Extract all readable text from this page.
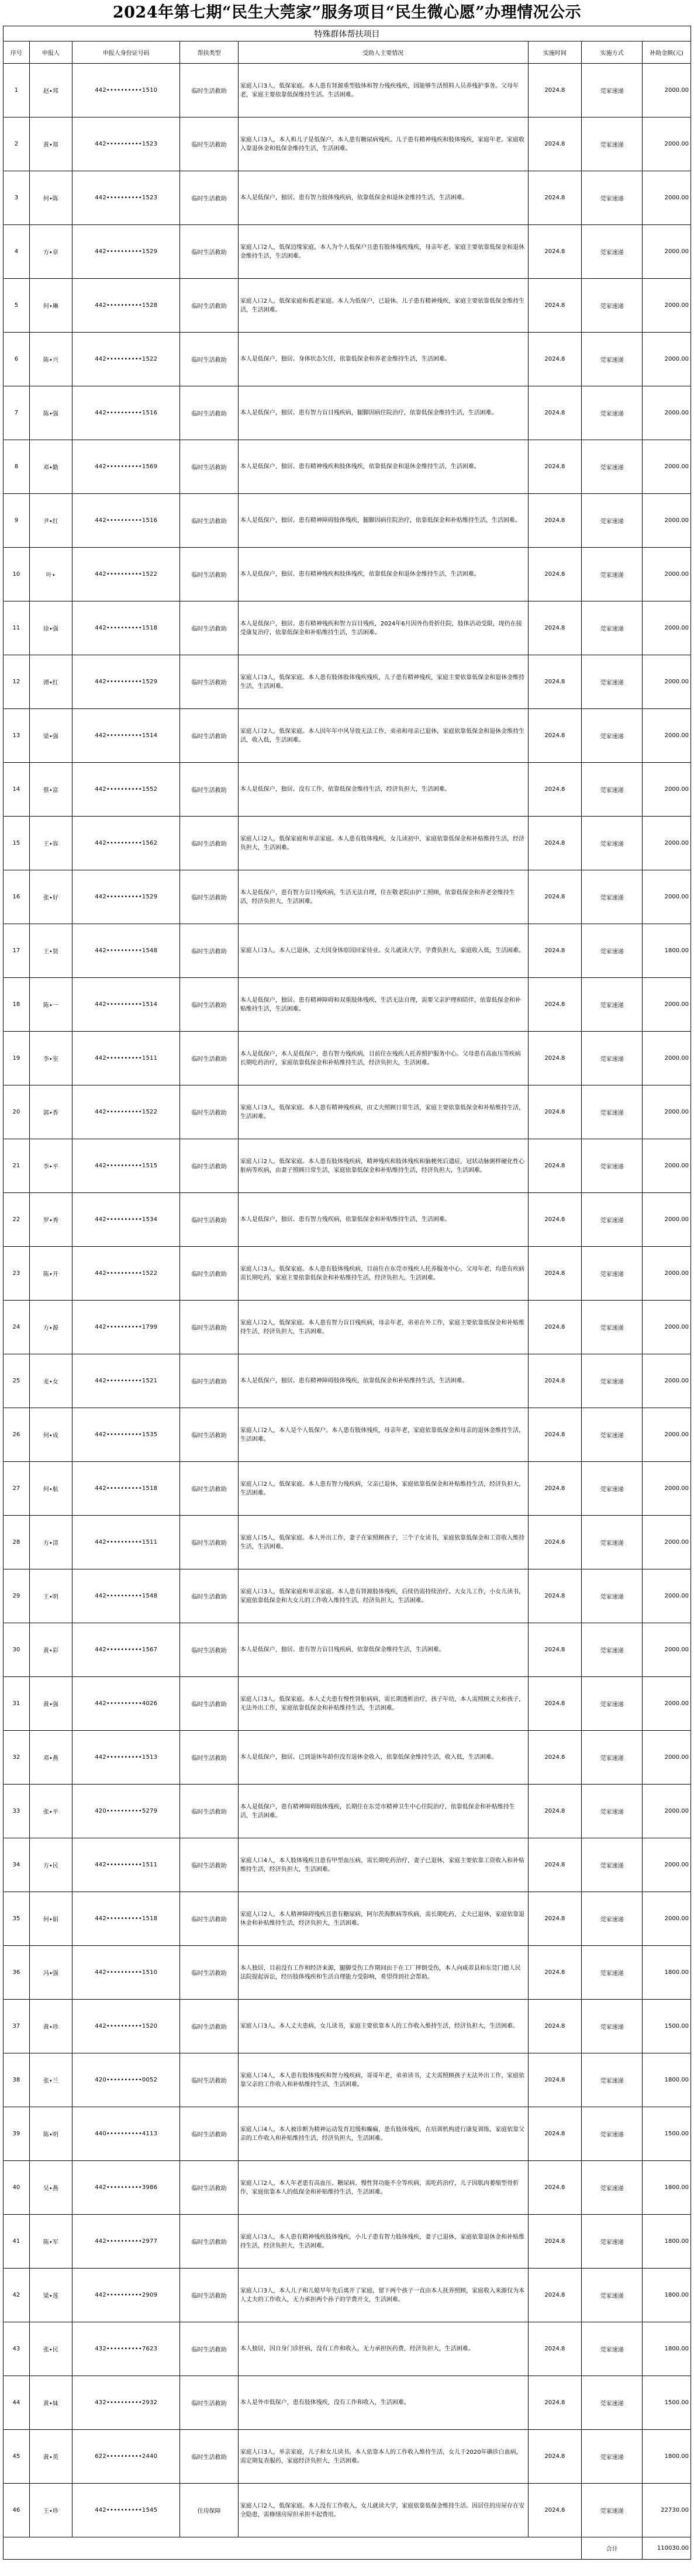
2024年第七期“民生大莞家”服务项目“民生微心愿”办理情况公示
特殊群体帮扶项目							
序号	申报人	申报人身份证号码	帮扶类型	受助人主要情况	实施时间	实施方式	补助金额(元)
1	赵•邦	442••••••••••1510	临时生活救助	家庭人口3人，低保家庭。本人患有肾源重型肢体和智力残疾残疾，因能够生活照料人员养残护事务。父母年老，家庭主要依靠低保维持生活。生活困难。	2024.8	莞家速递	2000.00
2	黄•郑	442••••••••••1523	临时生活救助	家庭人口3人，本人和儿子是低保户。本人患有糖尿病残疾。儿子患有精神残疾和肢体残疾，家庭年老。家庭收入靠退休金和低保金维持生活，生活困难。	2024.8	莞家速递	2000.00
3	何•陈	442••••••••••1523	临时生活救助	本人是低保户，独居。患有智力肢体残疾病，依靠低保金和退休金维持生活，生活困难。	2024.8	莞家速递	2000.00
4	方•章	442••••••••••1529	临时生活救助	家庭人口2人，低保边缘家庭。本人为个人低保户且患有肢体残疾残疾，母亲年老。家庭主要依靠低保金和退休金维持生活，生活困难。	2024.8	莞家速递	2000.00
5	何•琳	442••••••••••1528	临时生活救助	家庭人口2人，低保家庭和孤老家庭。本人为低保户，已退休。儿子患有精神残疾，家庭主要依靠低保金维持生活，生活困难。	2024.8	莞家速递	2000.00
6	陈•兴	442••••••••••1522	临时生活救助	本人是低保户，独居。身体状态欠佳，依靠低保金和养老金维持生活，生活困难。	2024.8	莞家速递	2000.00
7	陈•强	442••••••••••1516	临时生活救助	本人是低保户，独居。患有智力盲目残疾病，腿脚因病住院治疗，依靠低保金维持生活，生活困难。	2024.8	莞家速递	2000.00
8	邓•勤	442••••••••••1569	临时生活救助	本人是低保户，独居。患有精神残疾和肢体残疾，依靠低保金和退休金维持生活，生活困难。	2024.8	莞家速递	2000.00
9	尹•红	442••••••••••1516	临时生活救助	本人是低保户，独居。患有精神障碍肢体残疾，腿脚因病住院治疗，依靠低保金和补贴维持生活，生活困难。	2024.8	莞家速递	2000.00
10	叶•	442••••••••••1522	临时生活救助	本人是低保户，独居。患有精神残疾和肢体残疾，依靠低保金和退休金维持生活，生活困难。	2024.8	莞家速递	2000.00
11	徐•强	442••••••••••1518	临时生活救助	本人是低保户，独居。患有精神残疾和智力盲目残疾，2024年6月因外伤骨折住院，肢体活动受限，现仍在接受康复治疗，依靠低保金和补贴维持生活，生活困难。	2024.8	莞家速递	2000.00
12	谭•红	442••••••••••1529	临时生活救助	家庭人口3人，低保家庭。本人患有肢体肢体残疾残疾，儿子患有精神残疾，家庭主要依靠低保金和退休金维持生活，生活困难。	2024.8	莞家速递	2000.00
13	梁•强	442••••••••••1514	临时生活救助	家庭人口2人，低保家庭。本人因年年中风导致无法工作，弟弟和母亲已退休，家庭依靠低保金和退休金维持生活，收入低，生活困难。	2024.8	莞家速递	2000.00
14	蔡•富	442••••••••••1552	临时生活救助	本人是低保户，独居。没有工作，依靠低保金维持生活，经济负担大，生活困难。	2024.8	莞家速递	2000.00
15	王•容	442••••••••••1562	临时生活救助	家庭人口2人，低保家庭和单亲家庭。本人患有肢体残疾，女儿读初中，家庭依靠低保金和补贴维持生活，经济负担大，生活困难。	2024.8	莞家速递	2000.00
16	张•好	442••••••••••1529	临时生活救助	本人是低保户，患有智力盲目残疾病，生活无法自理，住在敬老院由护工照顾，依靠低保金和养老金维持生活，经济负担大，生活困难。	2024.8	莞家速递	2000.00
17	王•贤	442••••••••••1548	临时生活救助	家庭人口3人，本人已退休，丈夫因身体原因回家待业。女儿就读大学，学费负担大，家庭收入低，生活困难。	2024.8	莞家速递	1800.00
18	陈•一	442••••••••••1514	临时生活救助	本人是低保户，独居。患有精神障碍和双重肢体残疾，生活无法自理，需要父亲护理和陪伴，依靠低保金和补贴维持生活，生活困难。	2024.8	莞家速递	2000.00
19	李•室	442••••••••••1511	临时生活救助	本人是低保户，本人是低保户，患有智力残疾病，目前住在残疾人托养照护服务中心。父母患有高血压等疾病长期吃药治疗，家庭依靠低保金和补贴维持生活，经济负担大，生活困难。	2024.8	莞家速递	2000.00
20	郭•香	442••••••••••1522	临时生活救助	家庭人口3人，低保家庭。本人患有精神残疾病，由丈夫照顾日常生活，家庭主要依靠低保金和补贴维持生活，生活困难。	2024.8	莞家速递	2000.00
21	李•平	442••••••••••1515	临时生活救助	家庭人口2人，低保家庭。本人患有肢体残疾病，精神残疾和肢体残疾和脑梗死后遗症，冠状动脉粥样硬化性心脏病等疾病，由妻子照顾日常生活，家庭依靠低保金和补贴维持生活，经济负担大，生活困难。	2024.8	莞家速递	2000.00
22	罗•秀	442••••••••••1534	临时生活救助	本人是低保户，独居。患有智力残疾病，依靠低保金和补贴维持生活，生活困难。	2024.8	莞家速递	2000.00
23	陈•开	442••••••••••1522	临时生活救助	家庭人口3人，低保家庭。本人患有肢体残疾病，目前住在东莞市残疾人托养服务中心，父母年老，均患有疾病需长期吃药，家庭主要依靠低保金和补贴维持生活，经济负担大，生活困难。	2024.8	莞家速递	2000.00
24	方•源	442••••••••••1799	临时生活救助	家庭人口2人，低保家庭。本人患有智力盲目残疾病，母亲年老，弟弟在外工作，家庭主要依靠低保金和补贴维持生活，经济负担大，生活困难。	2024.8	莞家速递	2000.00
25	麦•女	442••••••••••1521	临时生活救助	本人是低保户，独居。患有精神障碍肢体残疾，依靠低保金和补贴维持生活，生活困难。	2024.8	莞家速递	2000.00
26	何•成	442••••••••••1535	临时生活救助	家庭人口2人，本人是个人低保户。本人患有肢体残疾，母亲年老，家庭依靠低保金和母亲的退休金维持生活，生活困难。	2024.8	莞家速递	2000.00
27	何•航	442••••••••••1518	临时生活救助	家庭人口2人，低保家庭。本人患有智力残疾病，父亲已退休，家庭依靠低保金和补贴维持生活，经济负担大，生活困难。	2024.8	莞家速递	2000.00
28	方•清	442••••••••••1511	临时生活救助	家庭人口5人，低保家庭。本人外出工作，妻子在家照顾孩子，三个子女读书，家庭依靠低保金和工资收入维持生活，生活困难。	2024.8	莞家速递	2000.00
29	王•明	442••••••••••1548	临时生活救助	家庭人口3人，低保家庭和单亲家庭。本人患有肾源肢体残疾，后续仍需持续治疗。大女儿工作，小女儿读书，家庭依靠低保金和大女儿的工作收入维持生活，经济负担大，生活困难。	2024.8	莞家速递	2000.00
30	黄•彩	442••••••••••1567	临时生活救助	本人是低保户，独居。患有智力盲目残疾病，依靠低保金维持生活，生活困难。	2024.8	莞家速递	2000.00
31	黄•强	442••••••••••4026	临时生活救助	家庭人口3人，低保家庭。本人丈夫患有慢性肾脏病病，需长期透析治疗，孩子年幼，本人需照顾丈夫和孩子，无法外出工作，家庭依靠低保金和补贴维持生活，生活困难。	2024.8	莞家速递	2000.00
32	邓•燕	442••••••••••1513	临时生活救助	本人是低保户，独居。已到退休年龄但没有退休金收入，依靠低保金维持生活，收入低，生活困难。	2024.8	莞家速递	2000.00
33	张•平	420••••••••••5279	临时生活救助	本人是低保户，患有精神障碍肢体残疾，长期住在东莞市精神卫生中心住院治疗，依靠低保金和补贴维持生活，生活困难。	2024.8	莞家速递	2000.00
34	方•民	442••••••••••1511	临时生活救助	家庭人口4人，本人肢体残疾且患有甲型血压病，需长期吃药治疗，妻子已退休，家庭主要依靠工资收入和补贴维持生活，经济负担大，生活困难。	2024.8	莞家速递	2000.00
35	何•娟	442••••••••••1518	临时生活救助	家庭人口2人，本人精神障碍残疾且患有糖尿病，阿尔茨海默病等疾病，需长期吃药，丈夫已退休，家庭依靠退休金和补贴维持生活，经济负担大，生活困难。	2024.8	莞家速递	2000.00
36	冯•强	442••••••••••1510	临时生活救助	本人独居，目前没有工作和经济来源，腿脚受伤工作期间由于在工厂摔倒受伤，本人向咸蒂县和东莞门德人民法院提起诉讼，经历肢体残疾和生活自理能力受影响，希望得到社会帮助。	2024.8	莞家速递	1800.00
37	黄•珍	442••••••••••1520	临时生活救助	家庭人口3人，本人丈夫患病，女儿读书，家庭主要依靠本人的工作收入维持生活，经济负担大，生活困难。	2024.8	莞家速递	1500.00
38	张•兰	420••••••••••0052	临时生活救助	家庭人口4人，本人患有肢体残疾和智力残疾病，哥哥年老，弟弟读书，丈夫需照顾孩子无法外出工作，家庭依靠父亲的工作收入和补贴维持生活，生活困难。	2024.8	莞家速递	1800.00
39	陈•明	440••••••••••4113	临时生活救助	家庭人口4人，本人被诊断为精神运动发育迟缓和癫痫，患有肢体残疾，在培训机构进行康复训练，家庭依靠父亲的工作收入和补贴维持生活，经济负担大，生活困难。	2024.8	莞家速递	1500.00
40	吴•燕	442••••••••••3986	临时生活救助	家庭人口2人，本人年老患有高血压、糖尿病、慢性肾功能不全等疾病，需吃药治疗，儿子因肌肉萎缩型骨折作，家庭依靠本人的低保金和补贴维持生活，生活困难。	2024.8	莞家速递	1800.00
41	陈•军	442••••••••••2977	临时生活救助	家庭人口3人，本人患有精神残疾肢体残疾，小儿子患有智力肢体残疾，妻子已退休，家庭依靠退休金和补贴维持生活，经济负担大，生活困难。	2024.8	莞家速递	1800.00
42	梁•莲	442••••••••••2909	临时生活救助	家庭人口3人，本人儿子和儿媳早年先后离开了家庭，留下两个孩子一直由本人抚养照顾，家庭收入来源仅为本人丈夫的工作收入，无力承担两个孙子的学费开支，生活困难。	2024.8	莞家速递	1800.00
43	张•民	432••••••••••7623	临时生活救助	本人独居，因自身门诊肝病，没有工作和收入，无力承担医药费，经济负担大，生活困难。	2024.8	莞家速递	1800.00
44	黄•妹	432••••••••••2932	临时生活救助	本人是外市低保户，患有肢体残疾，没有工作和收入，生活困难。	2024.8	莞家速递	1500.00
45	黄•英	622••••••••••2440	临时生活救助	家庭人口3人，单亲家庭，儿子和女儿读书。本人依靠本人的工作收入维持生活，女儿于2020年确诊白血病，需定期复查服药，家庭经济负担大，生活困难。	2024.8	莞家速递	1800.00
46	王•珍	442••••••••••1545	住房保障	家庭人口2人，低保家庭。本人没有工作收入，女儿就读大学，家庭依靠低保金维持生活。因居住的房屋存在安全隐患，需修缮房屋但承担不起费用。	2024.8	莞家速递	22730.00
						合计	110030.00
